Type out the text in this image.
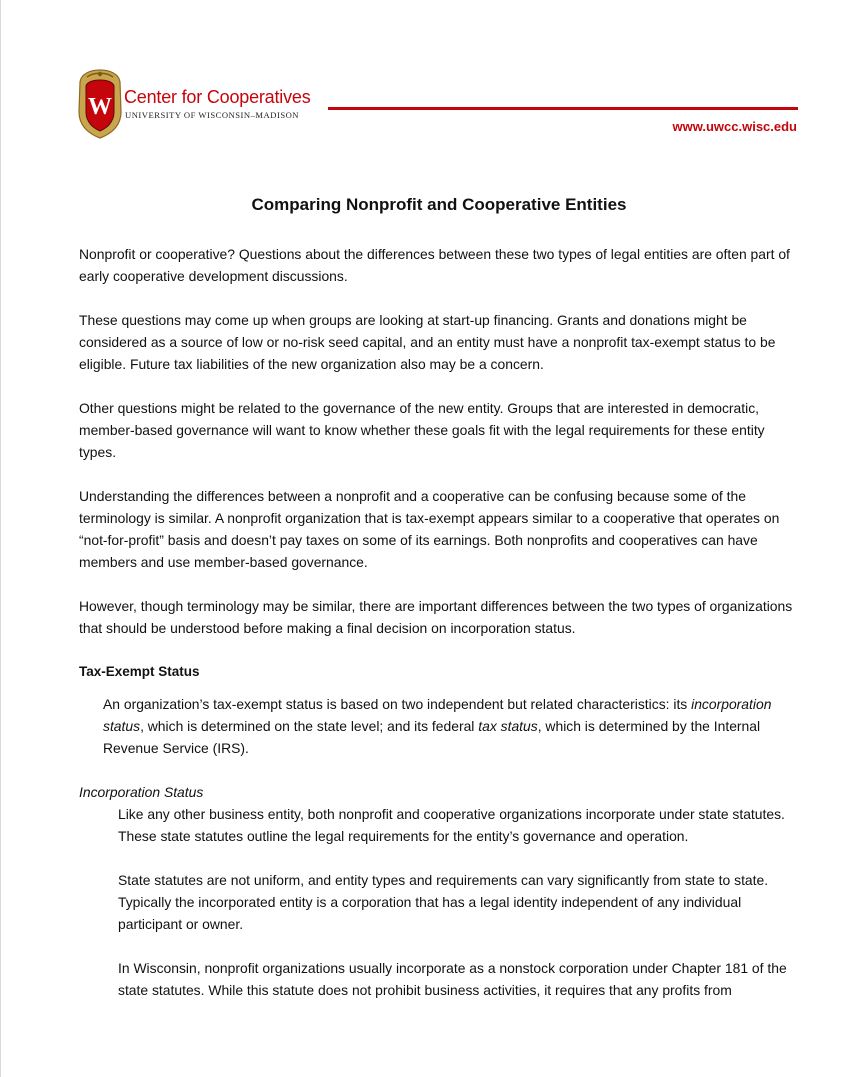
W Center for Cooperatives
UNIVERSITY OF WISCONSIN–MADISON
www.uwcc.wisc.edu
Comparing Nonprofit and Cooperative Entities

Nonprofit or cooperative? Questions about the differences between these two types of legal entities are often part of early cooperative development discussions.

These questions may come up when groups are looking at start-up financing. Grants and donations might be considered as a source of low or no-risk seed capital, and an entity must have a nonprofit tax-exempt status to be eligible. Future tax liabilities of the new organization also may be a concern.

Other questions might be related to the governance of the new entity. Groups that are interested in democratic, member-based governance will want to know whether these goals fit with the legal requirements for these entity types.

Understanding the differences between a nonprofit and a cooperative can be confusing because some of the terminology is similar. A nonprofit organization that is tax-exempt appears similar to a cooperative that operates on “not-for-profit” basis and doesn’t pay taxes on some of its earnings. Both nonprofits and cooperatives can have members and use member-based governance.

However, though terminology may be similar, there are important differences between the two types of organizations that should be understood before making a final decision on incorporation status.

Tax-Exempt Status

An organization’s tax-exempt status is based on two independent but related characteristics: its incorporation status, which is determined on the state level; and its federal tax status, which is determined by the Internal Revenue Service (IRS).

Incorporation Status

Like any other business entity, both nonprofit and cooperative organizations incorporate under state statutes. These state statutes outline the legal requirements for the entity’s governance and operation.

State statutes are not uniform, and entity types and requirements can vary significantly from state to state. Typically the incorporated entity is a corporation that has a legal identity independent of any individual participant or owner.

In Wisconsin, nonprofit organizations usually incorporate as a nonstock corporation under Chapter 181 of the state statutes. While this statute does not prohibit business activities, it requires that any profits from
